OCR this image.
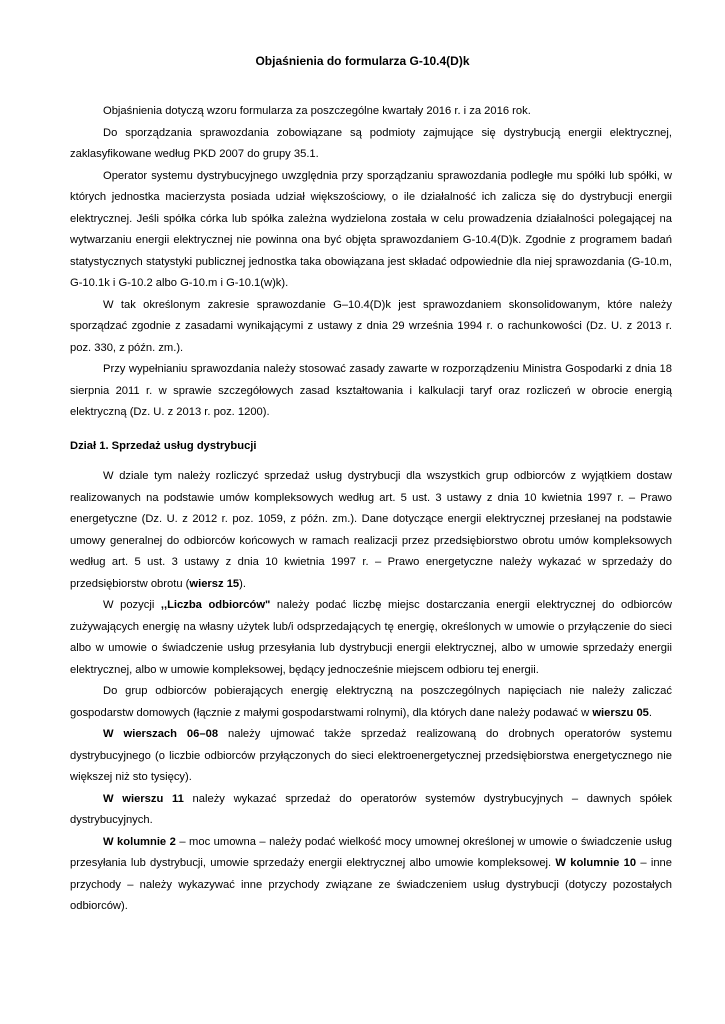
Objaśnienia do formularza G-10.4(D)k

Objaśnienia dotyczą wzoru formularza za poszczególne kwartały 2016 r. i za 2016 rok.

Do sporządzania sprawozdania zobowiązane są podmioty zajmujące się dystrybucją energii elektrycznej, zaklasyfikowane według PKD 2007 do grupy 35.1.

Operator systemu dystrybucyjnego uwzględnia przy sporządzaniu sprawozdania podległe mu spółki lub spółki, w których jednostka macierzysta posiada udział większościowy, o ile działalność ich zalicza się do dystrybucji energii elektrycznej. Jeśli spółka córka lub spółka zależna wydzielona została w celu prowadzenia działalności polegającej na wytwarzaniu energii elektrycznej nie powinna ona być objęta sprawozdaniem G-10.4(D)k. Zgodnie z programem badań statystycznych statystyki publicznej jednostka taka obowiązana jest składać odpowiednie dla niej sprawozdania (G-10.m, G-10.1k i G-10.2 albo G-10.m i G-10.1(w)k).

W tak określonym zakresie sprawozdanie G–10.4(D)k jest sprawozdaniem skonsolidowanym, które należy sporządzać zgodnie z zasadami wynikającymi z ustawy z dnia 29 września 1994 r. o rachunkowości (Dz. U. z 2013 r. poz. 330, z późn. zm.).

Przy wypełnianiu sprawozdania należy stosować zasady zawarte w rozporządzeniu Ministra Gospodarki z dnia 18 sierpnia 2011 r. w sprawie szczegółowych zasad kształtowania i kalkulacji taryf oraz rozliczeń w obrocie energią elektryczną (Dz. U. z 2013 r. poz. 1200).

Dział 1. Sprzedaż usług dystrybucji

W dziale tym należy rozliczyć sprzedaż usług dystrybucji dla wszystkich grup odbiorców z wyjątkiem dostaw realizowanych na podstawie umów kompleksowych według art. 5 ust. 3 ustawy z dnia 10 kwietnia 1997 r. – Prawo energetyczne (Dz. U. z 2012 r. poz. 1059, z późn. zm.). Dane dotyczące energii elektrycznej przesłanej na podstawie umowy generalnej do odbiorców końcowych w ramach realizacji przez przedsiębiorstwo obrotu umów kompleksowych według art. 5 ust. 3 ustawy z dnia 10 kwietnia 1997 r. – Prawo energetyczne należy wykazać w sprzedaży do przedsiębiorstw obrotu (wiersz 15).

W pozycji ,,Liczba odbiorców" należy podać liczbę miejsc dostarczania energii elektrycznej do odbiorców zużywających energię na własny użytek lub/i odsprzedających tę energię, określonych w umowie o przyłączenie do sieci albo w umowie o świadczenie usług przesyłania lub dystrybucji energii elektrycznej, albo w umowie sprzedaży energii elektrycznej, albo w umowie kompleksowej, będący jednocześnie miejscem odbioru tej energii.

Do grup odbiorców pobierających energię elektryczną na poszczególnych napięciach nie należy zaliczać gospodarstw domowych (łącznie z małymi gospodarstwami rolnymi), dla których dane należy podawać w wierszu 05.

W wierszach 06–08 należy ujmować także sprzedaż realizowaną do drobnych operatorów systemu dystrybucyjnego (o liczbie odbiorców przyłączonych do sieci elektroenergetycznej przedsiębiorstwa energetycznego nie większej niż sto tysięcy).

W wierszu 11 należy wykazać sprzedaż do operatorów systemów dystrybucyjnych – dawnych spółek dystrybucyjnych.

W kolumnie 2 – moc umowna – należy podać wielkość mocy umownej określonej w umowie o świadczenie usług przesyłania lub dystrybucji, umowie sprzedaży energii elektrycznej albo umowie kompleksowej. W kolumnie 10 – inne przychody – należy wykazywać inne przychody związane ze świadczeniem usług dystrybucji (dotyczy pozostałych odbiorców).
